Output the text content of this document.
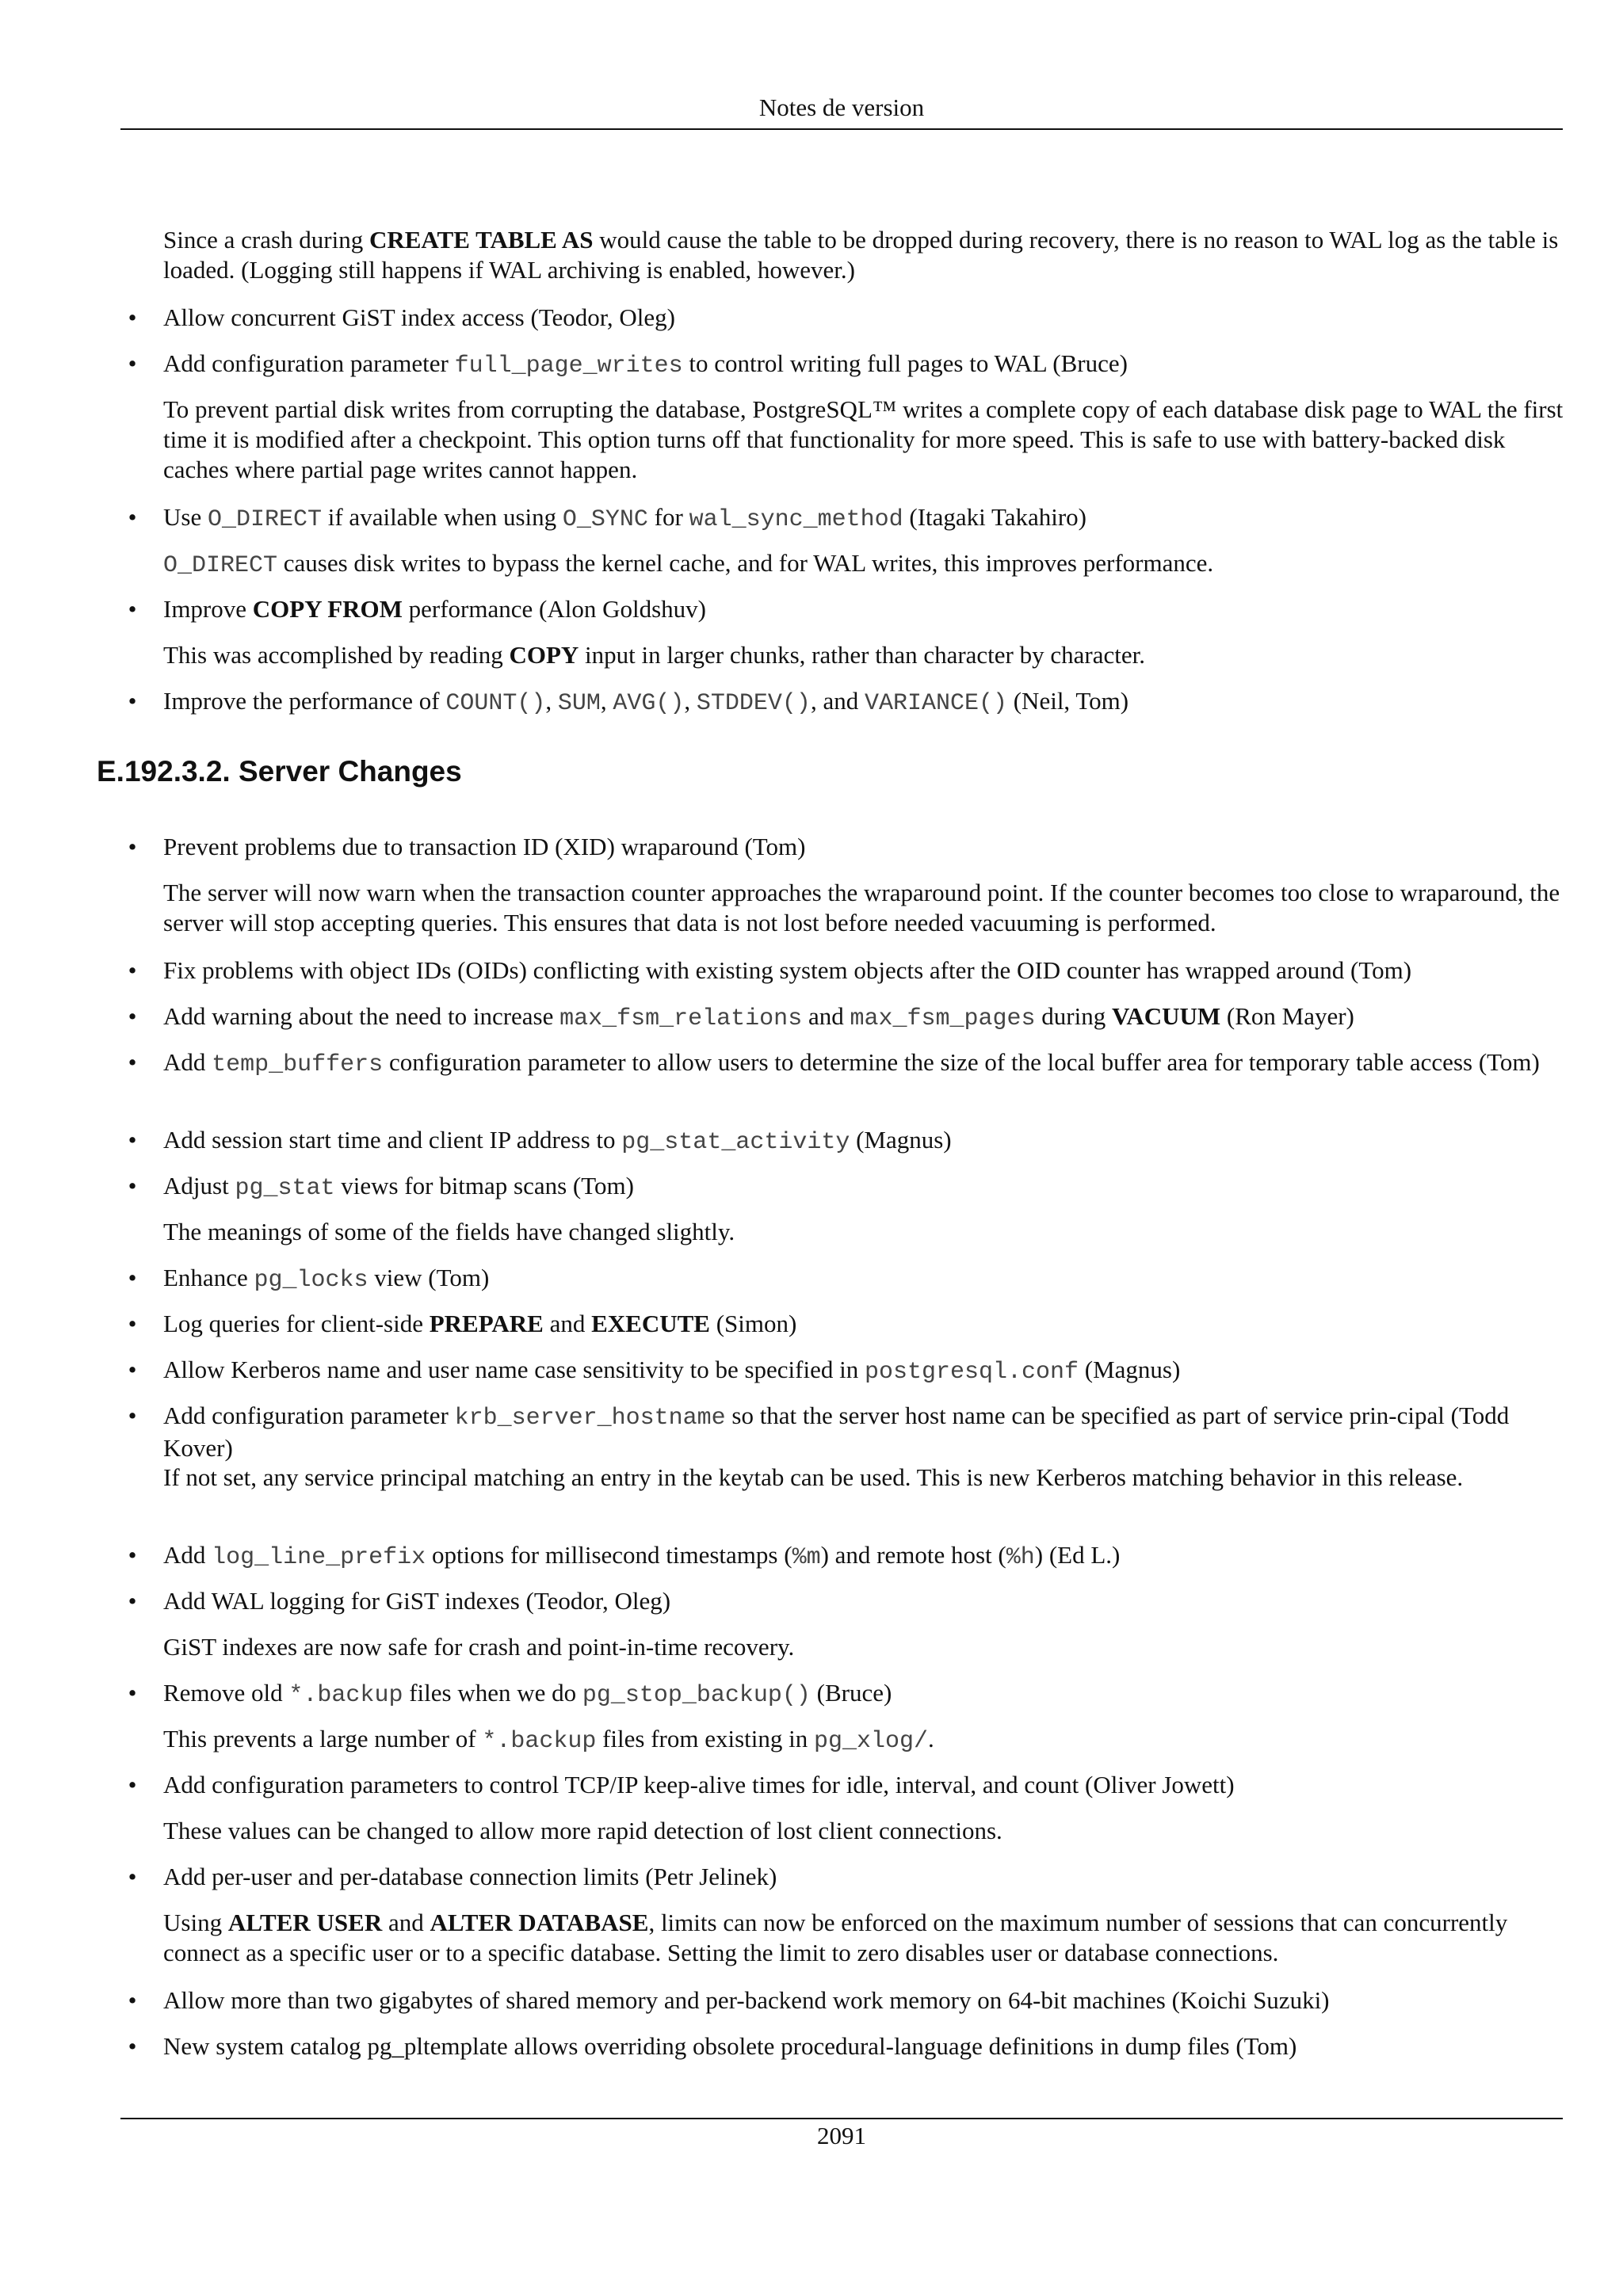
Notes de version

Since a crash during CREATE TABLE AS would cause the table to be dropped during recovery, there is no reason to WAL log as the table is loaded. (Logging still happens if WAL archiving is enabled, however.)

•	Allow concurrent GiST index access (Teodor, Oleg)

•	Add configuration parameter full_page_writes to control writing full pages to WAL (Bruce)

To prevent partial disk writes from corrupting the database, PostgreSQL™ writes a complete copy of each database disk page to WAL the first time it is modified after a checkpoint. This option turns off that functionality for more speed. This is safe to use with battery-backed disk caches where partial page writes cannot happen.

•	Use O_DIRECT if available when using O_SYNC for wal_sync_method (Itagaki Takahiro)

O_DIRECT causes disk writes to bypass the kernel cache, and for WAL writes, this improves performance.

•	Improve COPY FROM performance (Alon Goldshuv)

This was accomplished by reading COPY input in larger chunks, rather than character by character.

•	Improve the performance of COUNT(), SUM, AVG(), STDDEV(), and VARIANCE() (Neil, Tom)

E.192.3.2. Server Changes
•	Prevent problems due to transaction ID (XID) wraparound (Tom)

The server will now warn when the transaction counter approaches the wraparound point. If the counter becomes too close to wraparound, the server will stop accepting queries. This ensures that data is not lost before needed vacuuming is performed.

•	Fix problems with object IDs (OIDs) conflicting with existing system objects after the OID counter has wrapped around (Tom)

•	Add warning about the need to increase max_fsm_relations and max_fsm_pages during VACUUM (Ron Mayer)

•	Add temp_buffers configuration parameter to allow users to determine the size of the local buffer area for temporary table access (Tom)

•	Add session start time and client IP address to pg_stat_activity (Magnus)

•	Adjust pg_stat views for bitmap scans (Tom)

The meanings of some of the fields have changed slightly.

•	Enhance pg_locks view (Tom)

•	Log queries for client-side PREPARE and EXECUTE (Simon)

•	Allow Kerberos name and user name case sensitivity to be specified in postgresql.conf (Magnus)

•	Add configuration parameter krb_server_hostname so that the server host name can be specified as part of service prin-cipal (Todd Kover)

If not set, any service principal matching an entry in the keytab can be used. This is new Kerberos matching behavior in this release.

•	Add log_line_prefix options for millisecond timestamps (%m) and remote host (%h) (Ed L.)

•	Add WAL logging for GiST indexes (Teodor, Oleg)

GiST indexes are now safe for crash and point-in-time recovery.

•	Remove old *.backup files when we do pg_stop_backup() (Bruce)

This prevents a large number of *.backup files from existing in pg_xlog/.

•	Add configuration parameters to control TCP/IP keep-alive times for idle, interval, and count (Oliver Jowett)

These values can be changed to allow more rapid detection of lost client connections.

•	Add per-user and per-database connection limits (Petr Jelinek)

Using ALTER USER and ALTER DATABASE, limits can now be enforced on the maximum number of sessions that can concurrently connect as a specific user or to a specific database. Setting the limit to zero disables user or database connections.

•	Allow more than two gigabytes of shared memory and per-backend work memory on 64-bit machines (Koichi Suzuki)

•	New system catalog pg_pltemplate allows overriding obsolete procedural-language definitions in dump files (Tom)

2091
